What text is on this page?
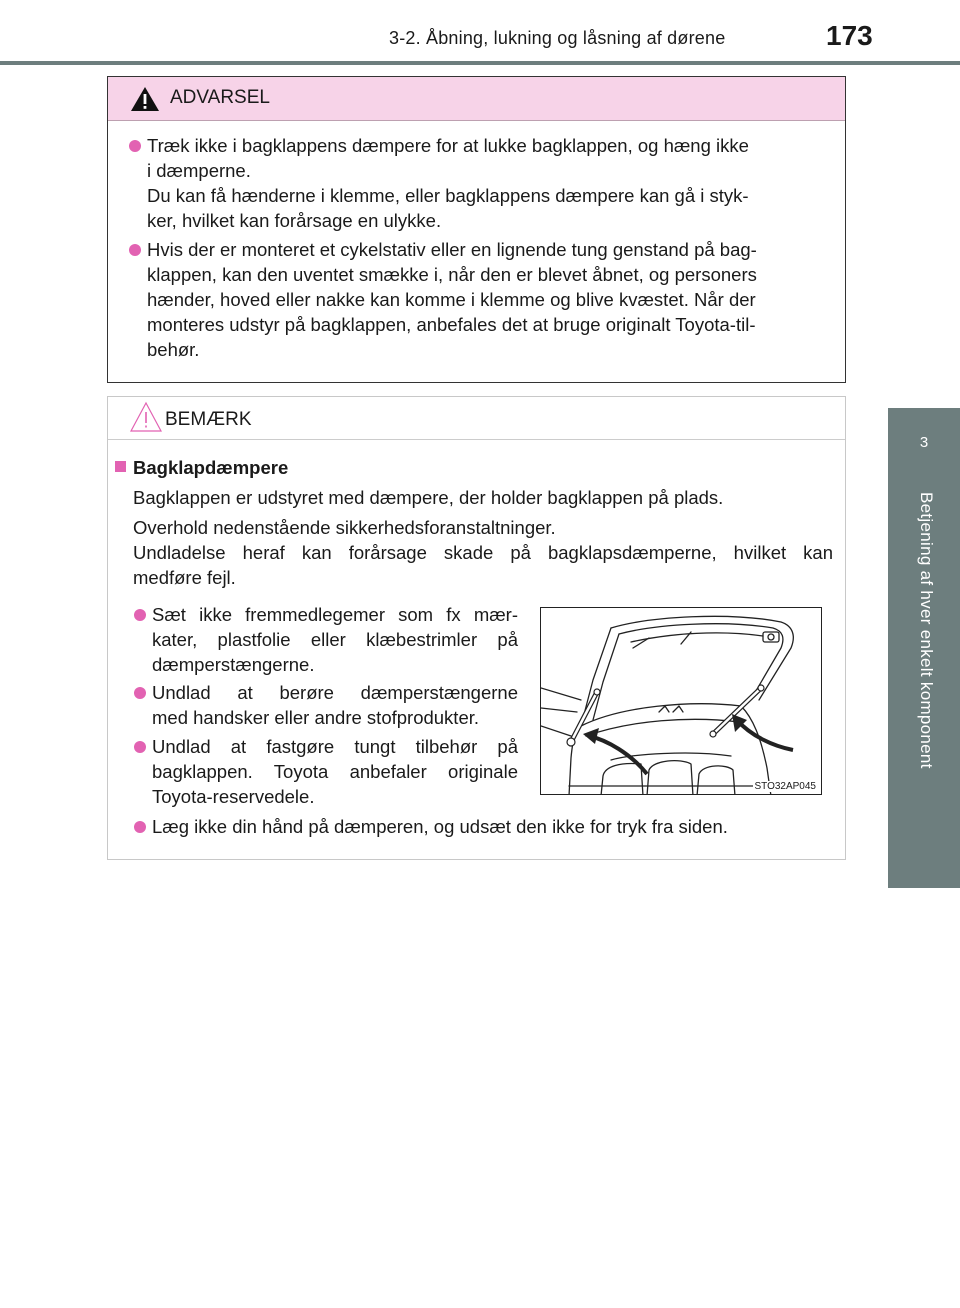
3-2. Åbning, lukning og låsning af dørene	173
3
Betjening af hver enkelt komponent
ADVARSEL
Træk ikke i bagklappens dæmpere for at lukke bagklappen, og hæng ikke
i dæmperne.
Du kan få hænderne i klemme, eller bagklappens dæmpere kan gå i styk-
ker, hvilket kan forårsage en ulykke.
Hvis der er monteret et cykelstativ eller en lignende tung genstand på bag-
klappen, kan den uventet smække i, når den er blevet åbnet, og personers
hænder, hoved eller nakke kan komme i klemme og blive kvæstet. Når der
monteres udstyr på bagklappen, anbefales det at bruge originalt Toyota-til-
behør.
BEMÆRK
Bagklapdæmpere
Bagklappen er udstyret med dæmpere, der holder bagklappen på plads.
Overhold nedenstående sikkerhedsforanstaltninger.
Undladelse heraf kan forårsage skade på bagklapsdæmperne, hvilket kan
medføre fejl.
Sæt ikke fremmedlegemer som fx mær-
kater, plastfolie eller klæbestrimler på
dæmperstængerne.
Undlad at berøre dæmperstængerne
med handsker eller andre stofprodukter.
Undlad at fastgøre tungt tilbehør på
bagklappen. Toyota anbefaler originale
Toyota-reservedele.
Læg ikke din hånd på dæmperen, og udsæt den ikke for tryk fra siden.
STO32AP045
